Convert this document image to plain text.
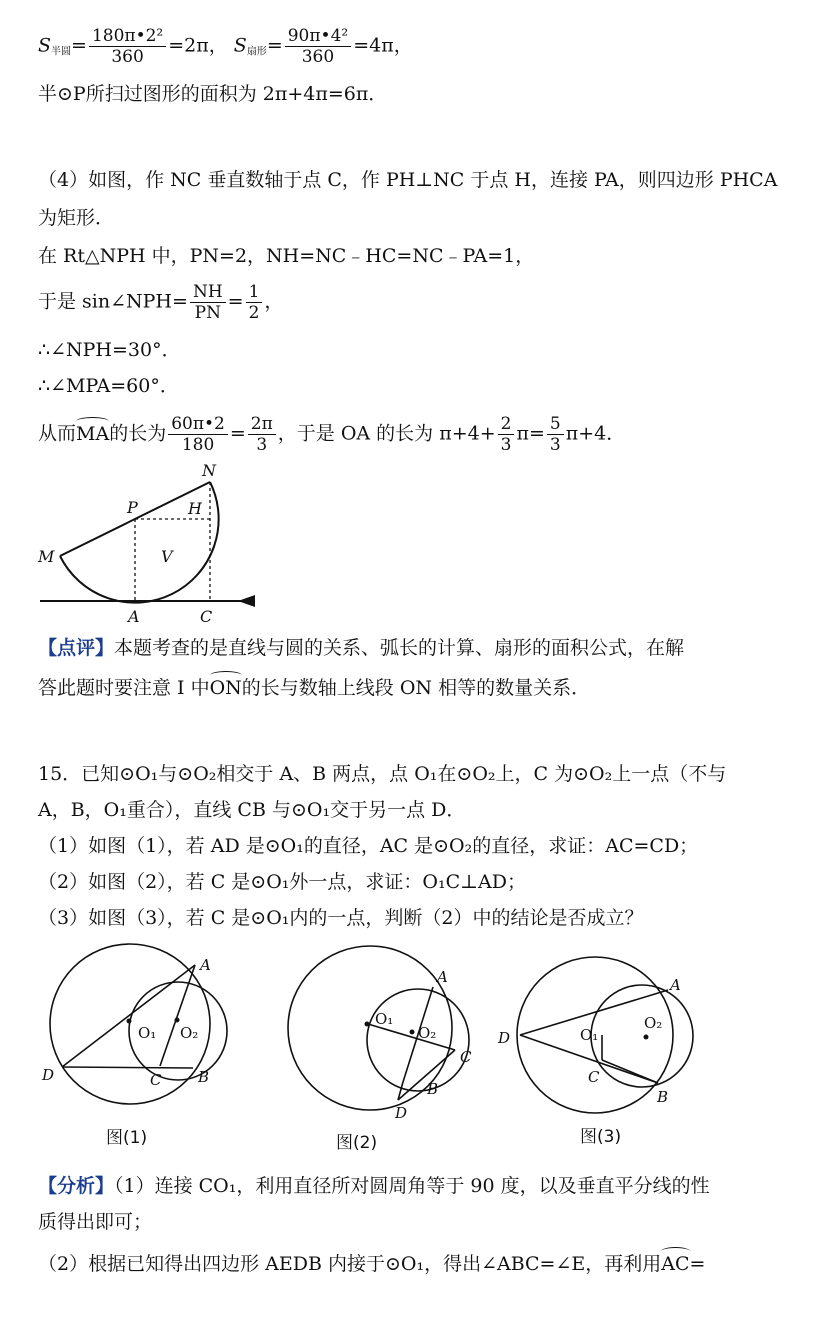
$S_{半圆}= \frac{\text{180π•2²}}{360} =2\pi$， $S_{扇形}= \frac{\text{90π•4²}}{360} =4\pi$，
半⊙P所扫过图形的面积为 2π+4π=6π．
（4）如图，作 NC 垂直数轴于点 C，作 PH⊥NC 于点 H，连接 PA，则四边形 PHCA
为矩形．
在 Rt△NPH 中，PN=2，NH=NC﹣HC=NC﹣PA=1，
于是 sin∠NPH= $\frac{NH}{PN} = \frac{1}{2}$ ，
∴∠NPH=30°．
∴∠MPA=60°．
从而MA的长为 $\frac{60\pi•2}{180} = \frac{2\pi}{3}$ ，于是 OA 的长为 $\pi+4+ \frac{2}{3} \pi= \frac{5}{3} \pi+4$．
N
P	H
M	V
A	C
【点评】本题考查的是直线与圆的关系、弧长的计算、扇形的面积公式，在解
答此题时要注意 I 中ON的长与数轴上线段 ON 相等的数量关系．
15．已知⊙O₁与⊙O₂相交于 A、B 两点，点 O₁在⊙O₂上，C 为⊙O₂上一点（不与
A，B，O₁重合），直线 CB 与⊙O₁交于另一点 D．
（1）如图（1），若 AD 是⊙O₁的直径，AC 是⊙O₂的直径，求证：AC=CD；
（2）如图（2），若 C 是⊙O₁外一点，求证：O₁C⊥AD；
（3）如图（3），若 C 是⊙O₁内的一点，判断（2）中的结论是否成立？
A
D	C B
O₁ O₂
图(1)
A
C
B
D
O₁
O₂
图(2)
A
D
C
B
O₁
O₂
图(3)
【分析】（1）连接 CO₁，利用直径所对圆周角等于 90 度，以及垂直平分线的性
质得出即可；
（2）根据已知得出四边形 AEDB 内接于⊙O₁，得出∠ABC=∠E，再利用AC=
